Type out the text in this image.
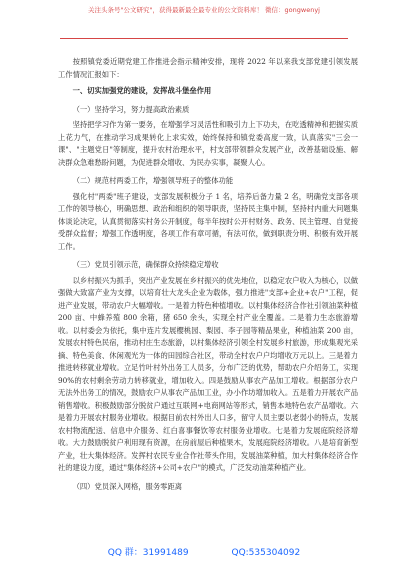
关注头条号"公文研究"，获得最新最全最专业的公文资料库！ 微信：gongwenyj

按照镇党委近期党建工作推进会指示精神安排，现将 2022 年以来我支部党建引领发展工作情况汇报如下：

一、切实加强党的建设，发挥战斗堡垒作用

（一）坚持学习，努力提高政治素质

坚持把学习作为第一要务，在增强学习灵活性和吸引力上下功夫，在吃透精神和把握实质上花力气，在推动学习成果转化上求实效，始终保持和镇党委高度一致，认真落实"三会一课"、"主题党日"等制度，提升农村治理水平，村支部带领群众发展产业，改善基础设施、解决群众急难愁盼问题，为促进群众增收、为民办实事，凝聚人心。

（二）规范村两委工作，增强领导班子的整体功能

强化村"两委"班子建设，支部发展积极分子 1 名，培养后备力量 2 名，明确党支部各项工作的领导核心，明确思想、政治和组织的领导职责，坚持民主集中制，坚持村内重大问题集体谈论决定，认真贯彻落实村务公开制度，每半年按时公开村财务、政务、民主管理、自觉接受群众监督；增强工作透明度，各项工作有章可循，有法可依，做到职责分明、积极有效开展工作。

（三）党员引领示范，确保群众持续稳定增收

以乡村振兴为抓手，突出产业发展在乡村振兴的优先地位，以稳定农户收入为核心，以做强做大致富产业为支撑，以培育壮大龙头企业为载体，强力推进"支部+企业+农户"工程，促进产业发展，带动农户大幅增收。一是着力特色种植增收。以村集体经济合作社引领油菜种植 200 亩、中蜂养殖 800 余箱，猪 650 余头，实现全村产业全覆盖。二是着力生态旅游增收。以村委会为依托，集中连片发展樱桃园、梨园、李子园等精品果业，种植油菜 200 亩，发展农村特色民宿，推动村庄生态旅游，以村集体经济引领全村发展乡村旅游，形成集观光采摘、特色美食、休闲观光为一体的田园综合社区，带动全村农户户均增收万元以上。三是着力推进转移就业增收。立足竹叶村外出务工人员多，分布广泛的优势，帮助农户介绍务工，实现 90%的农村剩余劳动力转移就业，增加收入。四是鼓励从事农产品加工增收。根据部分农户无法外出务工的情况，鼓励农户从事农产品加工业，办小作坊增加收入。五是着力开展农产品销售增收。积极鼓励部分脱贫户通过互联网+电商网站等形式，销售本地特色农产品增收。六是着力开展农村服务业增收。根据目前农村外出人口多，留守人员主要以老弱小的特点，发展农村物流配送、信息中介服务、红白喜事餐饮等农村服务业增收。七是着力发展庭院经济增收。大力鼓励脱贫户利用现有资源，在房前屋后种植果木，发展庭院经济增收。八是培育新型产业，壮大集体经济。发挥村农民专业合作社带头作用，发展油菜种植，加大村集体经济合作社的建设力度，通过"集体经济+公司+农户"的模式，广泛发动油菜种植产业。

（四）党员深入网格，服务零距离

QQ 群：31991489	QQ:535304092
